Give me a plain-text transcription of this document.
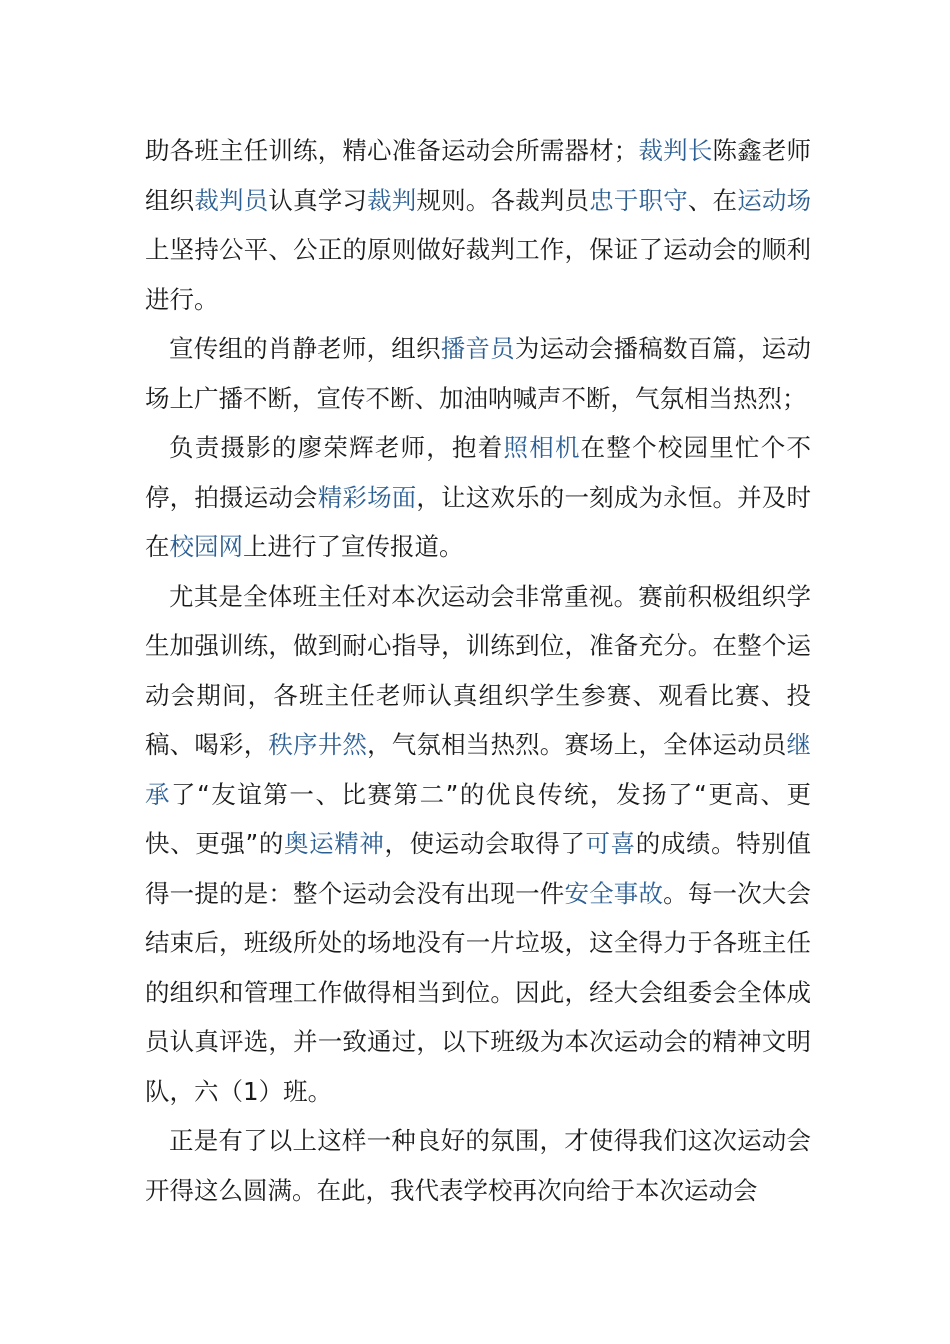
助各班主任训练，精心准备运动会所需器材；裁判长陈鑫老师组织裁判员认真学习裁判规则。各裁判员忠于职守、在运动场上坚持公平、公正的原则做好裁判工作，保证了运动会的顺利进行。

宣传组的肖静老师，组织播音员为运动会播稿数百篇，运动场上广播不断，宣传不断、加油呐喊声不断，气氛相当热烈；

负责摄影的廖荣辉老师，抱着照相机在整个校园里忙个不停，拍摄运动会精彩场面，让这欢乐的一刻成为永恒。并及时在校园网上进行了宣传报道。

尤其是全体班主任对本次运动会非常重视。赛前积极组织学生加强训练，做到耐心指导，训练到位，准备充分。在整个运动会期间，各班主任老师认真组织学生参赛、观看比赛、投稿、喝彩，秩序井然，气氛相当热烈。赛场上，全体运动员继承了“友谊第一、比赛第二”的优良传统，发扬了“更高、更快、更强”的奥运精神，使运动会取得了可喜的成绩。特别值得一提的是：整个运动会没有出现一件安全事故。每一次大会结束后，班级所处的场地没有一片垃圾，这全得力于各班主任的组织和管理工作做得相当到位。因此，经大会组委会全体成员认真评选，并一致通过，以下班级为本次运动会的精神文明队，六（1）班。

正是有了以上这样一种良好的氛围，才使得我们这次运动会开得这么圆满。在此，我代表学校再次向给于本次运动会
